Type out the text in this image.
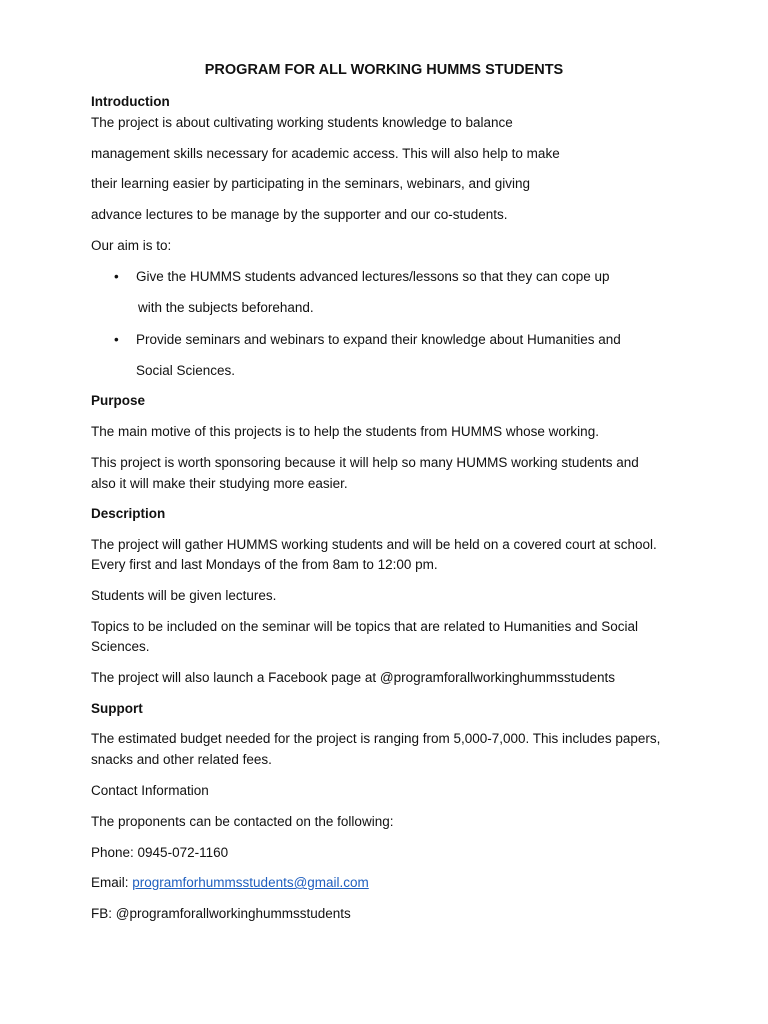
PROGRAM FOR ALL WORKING HUMMS STUDENTS
Introduction
The project is about cultivating working students knowledge to balance
management skills necessary for academic access. This will also help to make
their learning easier by participating in the seminars, webinars, and giving
advance lectures to be manage by the supporter and our co-students.
Our aim is to:
• Give the HUMMS students advanced lectures/lessons so that they can cope up
with the subjects beforehand.
• Provide seminars and webinars to expand their knowledge about Humanities and
Social Sciences.
Purpose
The main motive of this projects is to help the students from HUMMS whose working.
This project is worth sponsoring because it will help so many HUMMS working students and
also it will make their studying more easier.
Description
The project will gather HUMMS working students and will be held on a covered court at school.
Every first and last Mondays of the from 8am to 12:00 pm.
Students will be given lectures.
Topics to be included on the seminar will be topics that are related to Humanities and Social
Sciences.
The project will also launch a Facebook page at @programforallworkinghummsstudents
Support
The estimated budget needed for the project is ranging from 5,000-7,000. This includes papers,
snacks and other related fees.
Contact Information
The proponents can be contacted on the following:
Phone: 0945-072-1160
Email: programforhummsstudents@gmail.com
FB: @programforallworkinghummsstudents
